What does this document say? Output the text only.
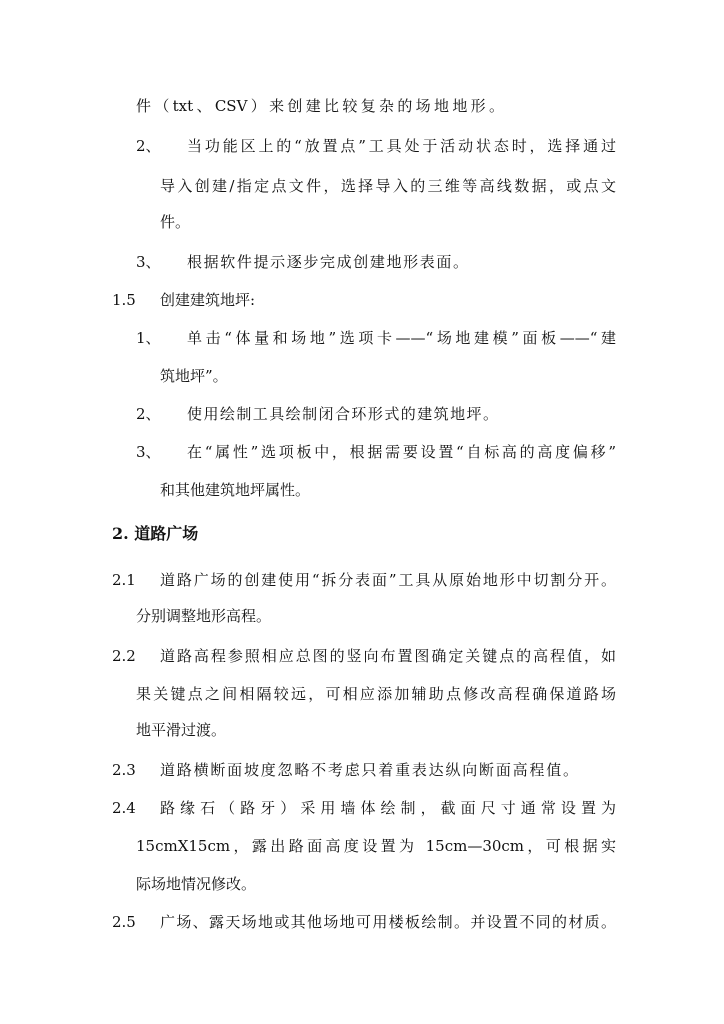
件（txt、CSV）来创建比较复杂的场地地形。
2、 当功能区上的“放置点”工具处于活动状态时，选择通过
导入创建/指定点文件，选择导入的三维等高线数据，或点文
件。
3、 根据软件提示逐步完成创建地形表面。
1.5 创建建筑地坪:
1、 单击“体量和场地”选项卡——“场地建模”面板——“建
筑地坪”。
2、 使用绘制工具绘制闭合环形式的建筑地坪。
3、 在“属性”选项板中，根据需要设置“自标高的高度偏移”
和其他建筑地坪属性。
2. 道路广场
2.1 道路广场的创建使用“拆分表面”工具从原始地形中切割分开。
分别调整地形高程。
2.2 道路高程参照相应总图的竖向布置图确定关键点的高程值，如
果关键点之间相隔较远，可相应添加辅助点修改高程确保道路场
地平滑过渡。
2.3 道路横断面坡度忽略不考虑只着重表达纵向断面高程值。
2.4 路缘石（路牙）采用墙体绘制，截面尺寸通常设置为
15cmX15cm，露出路面高度设置为 15cm—30cm，可根据实
际场地情况修改。
2.5 广场、露天场地或其他场地可用楼板绘制。并设置不同的材质。
